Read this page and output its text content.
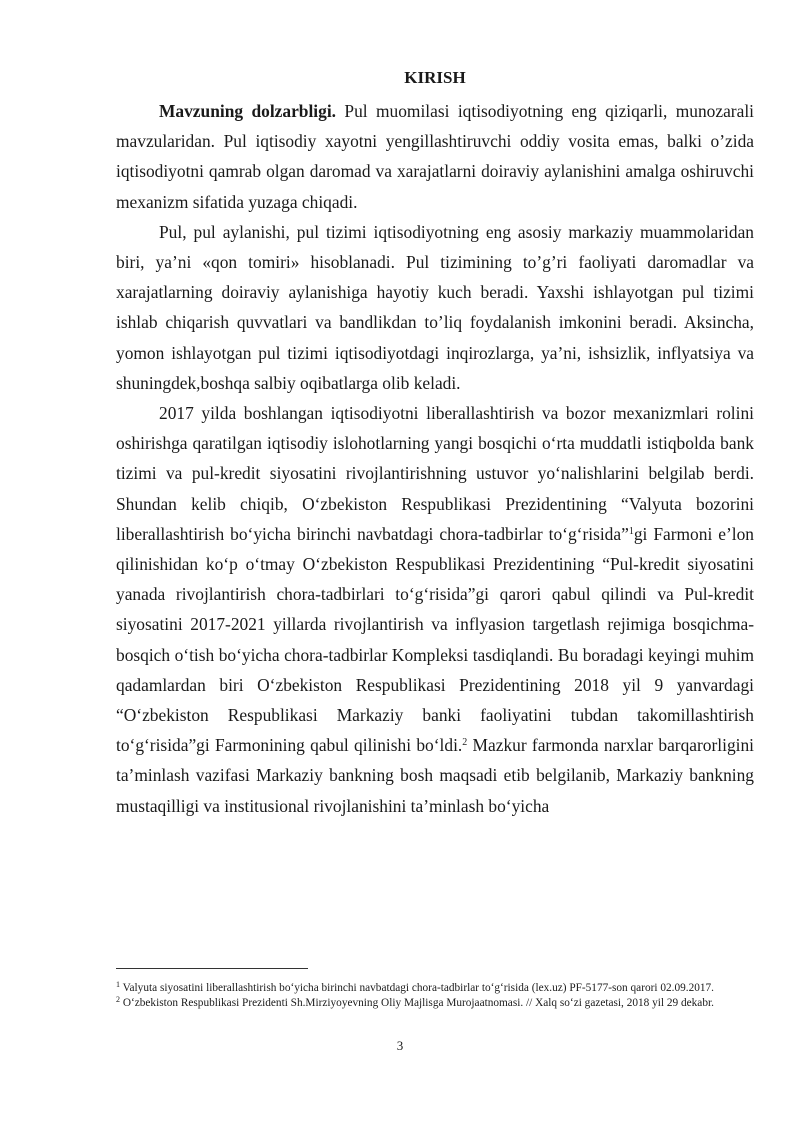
KIRISH

Mavzuning dolzarbligi. Pul muomilasi iqtisodiyotning eng qiziqarli, munozarali mavzularidan. Pul iqtisodiy xayotni yengillashtiruvchi oddiy vosita emas, balki o’zida iqtisodiyotni qamrab olgan daromad va xarajatlarni doiraviy aylanishini amalga oshiruvchi mexanizm sifatida yuzaga chiqadi.

Pul, pul aylanishi, pul tizimi iqtisodiyotning eng asosiy markaziy muammolaridan biri, ya’ni «qon tomiri» hisoblanadi. Pul tizimining to’g’ri faoliyati daromadlar va xarajatlarning doiraviy aylanishiga hayotiy kuch beradi. Yaxshi ishlayotgan pul tizimi ishlab chiqarish quvvatlari va bandlikdan to’liq foydalanish imkonini beradi. Aksincha, yomon ishlayotgan pul tizimi iqtisodiyotdagi inqirozlarga, ya’ni, ishsizlik, inflyatsiya va shuningdek,boshqa salbiy oqibatlarga olib keladi.

2017 yilda boshlangan iqtisodiyotni liberallashtirish va bozor mexanizmlari rolini oshirishga qaratilgan iqtisodiy islohotlarning yangi bosqichi o‘rta muddatli istiqbolda bank tizimi va pul-kredit siyosatini rivojlantirishning ustuvor yo‘nalishlarini belgilab berdi. Shundan kelib chiqib, O‘zbekiston Respublikasi Prezidentining “Valyuta bozorini liberallashtirish bo‘yicha birinchi navbatdagi chora-tadbirlar to‘g‘risida”$^1$gi Farmoni e’lon qilinishidan ko‘p o‘tmay O‘zbekiston Respublikasi Prezidentining “Pul-kredit siyosatini yanada rivojlantirish chora-tadbirlari to‘g‘risida”gi qarori qabul qilindi va Pul-kredit siyosatini 2017-2021 yillarda rivojlantirish va inflyasion targetlash rejimiga bosqichma-bosqich o‘tish bo‘yicha chora-tadbirlar Kompleksi tasdiqlandi. Bu boradagi keyingi muhim qadamlardan biri O‘zbekiston Respublikasi Prezidentining 2018 yil 9 yanvardagi “O‘zbekiston Respublikasi Markaziy banki faoliyatini tubdan takomillashtirish to‘g‘risida”gi Farmonining qabul qilinishi bo‘ldi.$^2$ Mazkur farmonda narxlar barqarorligini ta’minlash vazifasi Markaziy bankning bosh maqsadi etib belgilanib, Markaziy bankning mustaqilligi va institusional rivojlanishini ta’minlash bo‘yicha

$^1$ Valyuta siyosatini liberallashtirish bo‘yicha birinchi navbatdagi chora-tadbirlar to‘g‘risida (lex.uz) PF-5177-son qarori 02.09.2017.

$^2$ O‘zbekiston Respublikasi Prezidenti Sh.Mirziyoyevning Oliy Majlisga Murojaatnomasi. // Xalq so‘zi gazetasi, 2018 yil 29 dekabr.

3
